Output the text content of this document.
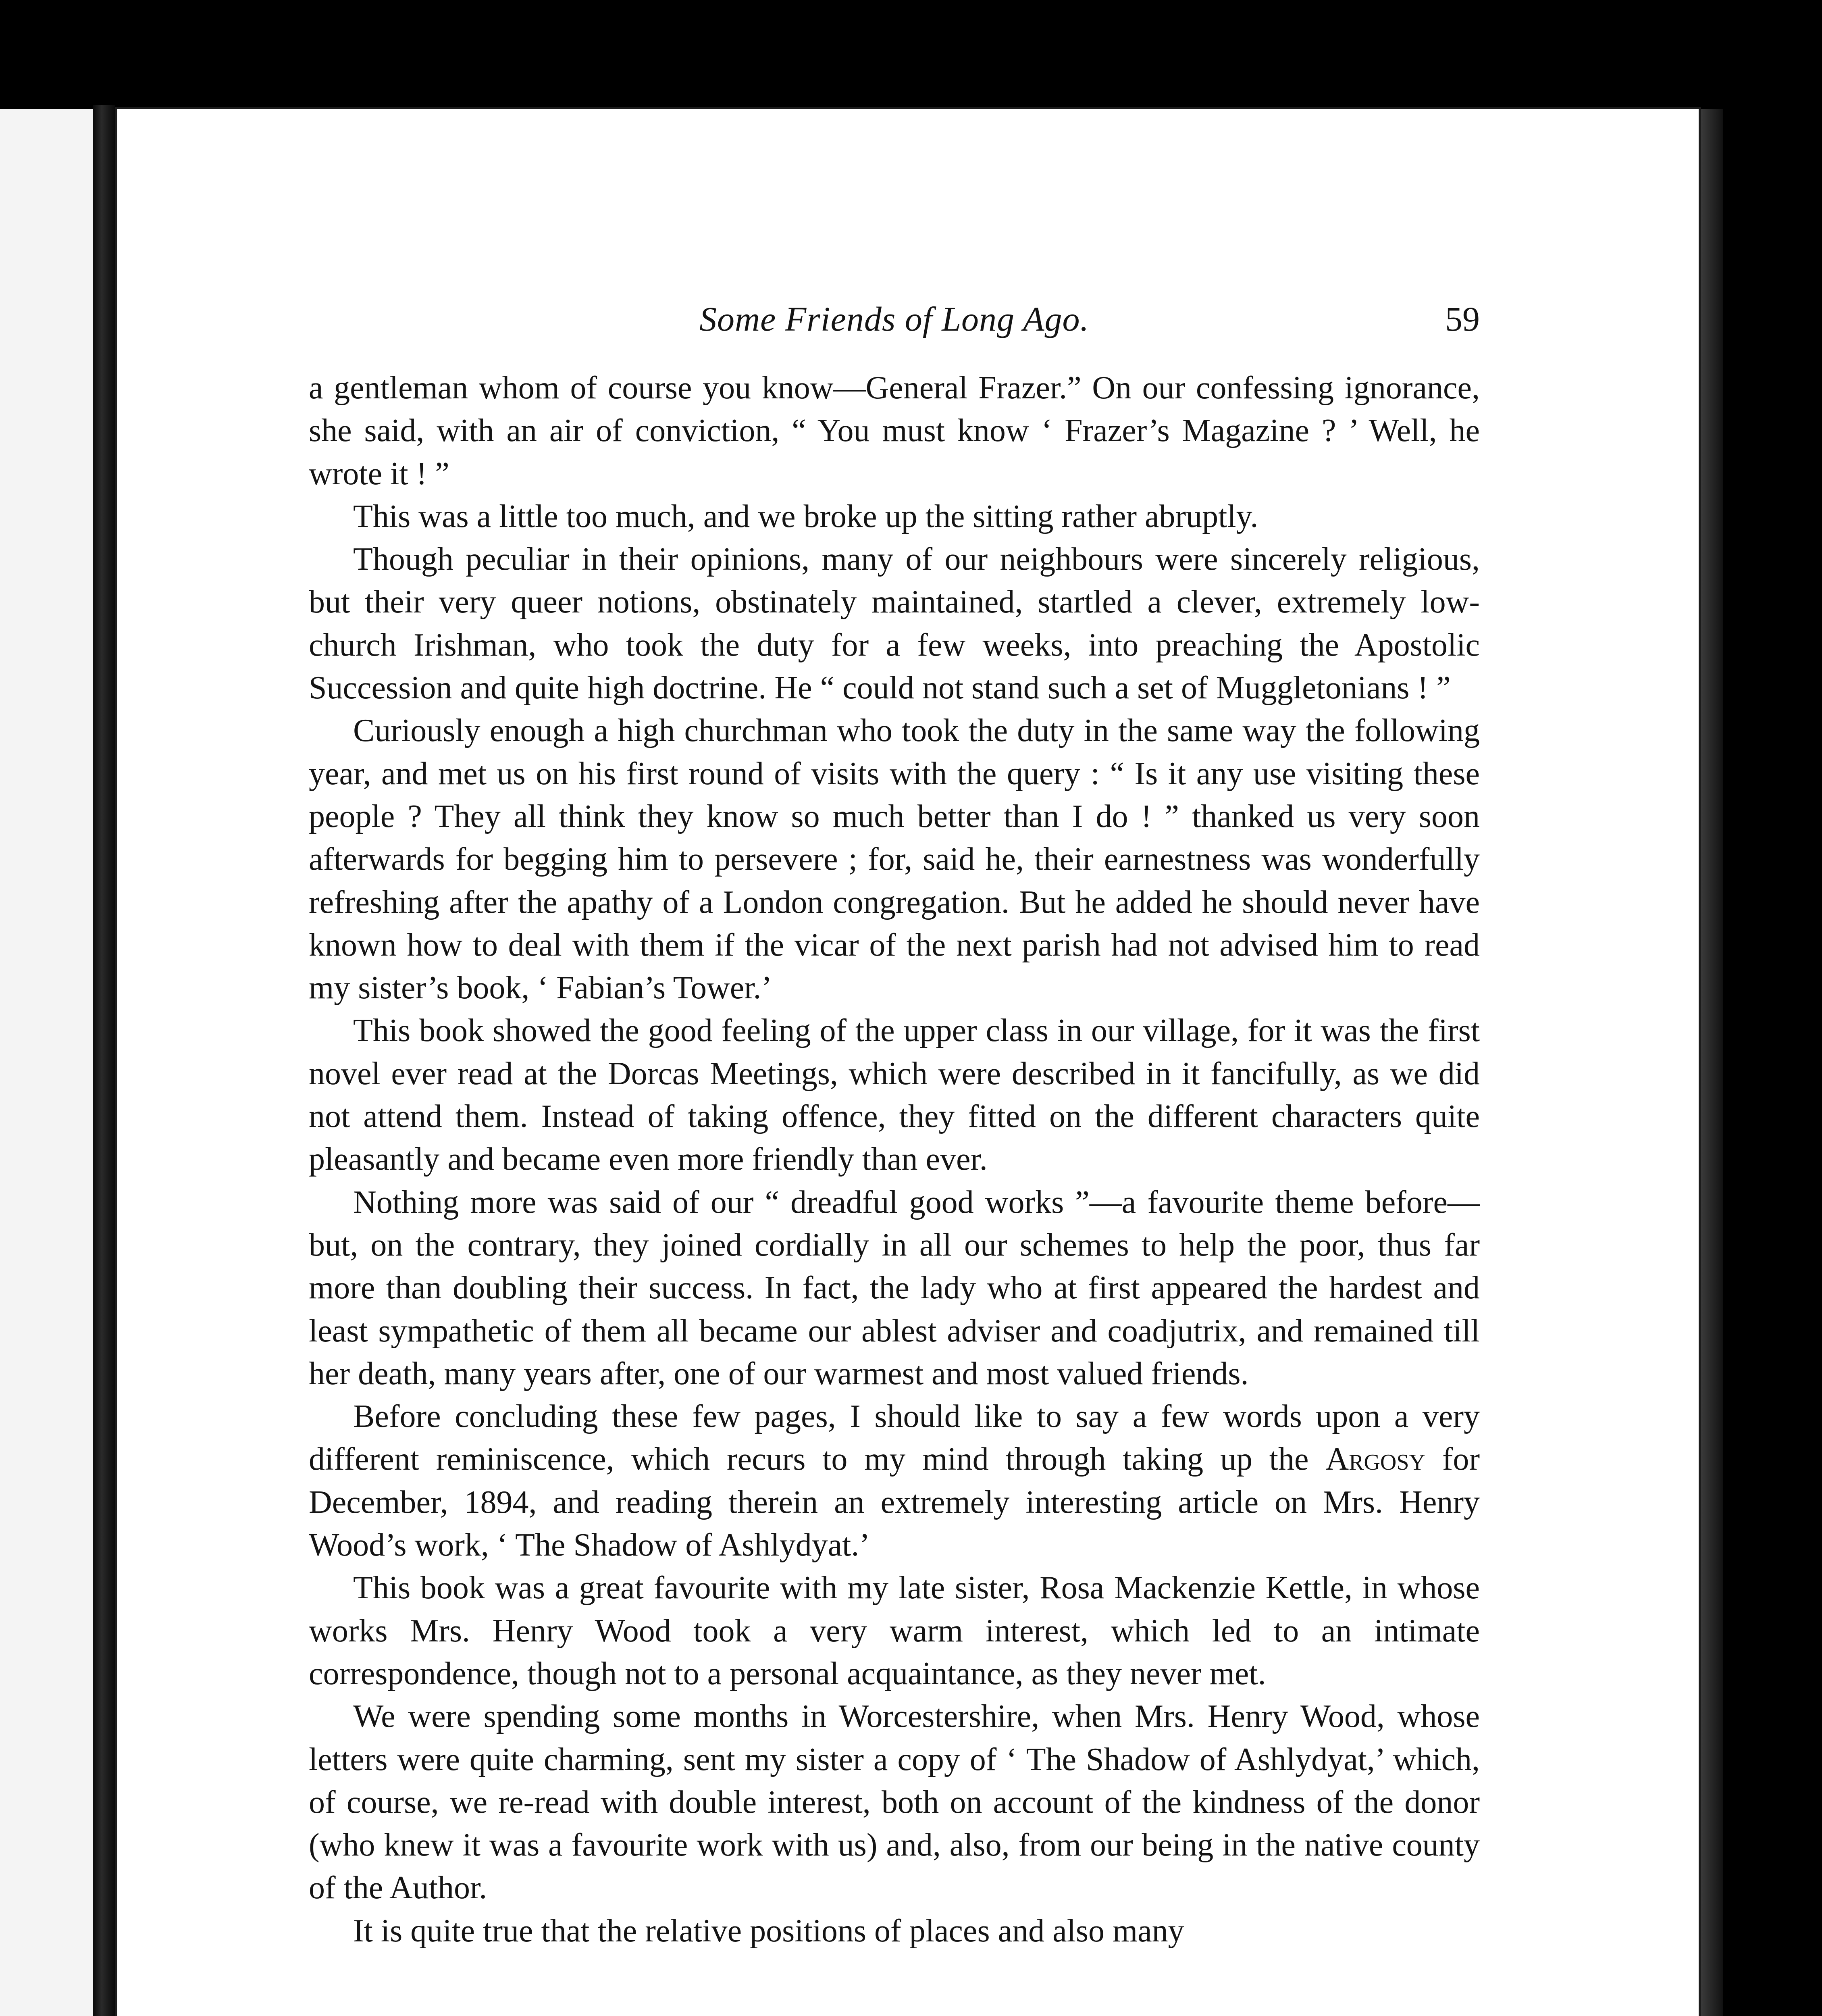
Some Friends of Long Ago.	59

a gentleman whom of course you know—General Frazer.” On our confessing ignorance, she said, with an air of conviction, “ You must know ‘ Frazer’s Magazine ? ’ Well, he wrote it ! ”

This was a little too much, and we broke up the sitting rather abruptly.

Though peculiar in their opinions, many of our neighbours were sincerely religious, but their very queer notions, obstinately maintained, startled a clever, extremely low-church Irishman, who took the duty for a few weeks, into preaching the Apostolic Succession and quite high doctrine. He “ could not stand such a set of Muggletonians ! ”

Curiously enough a high churchman who took the duty in the same way the following year, and met us on his first round of visits with the query : “ Is it any use visiting these people ? They all think they know so much better than I do ! ” thanked us very soon afterwards for begging him to persevere ; for, said he, their earnestness was wonderfully refreshing after the apathy of a London congregation. But he added he should never have known how to deal with them if the vicar of the next parish had not advised him to read my sister’s book, ‘ Fabian’s Tower.’

This book showed the good feeling of the upper class in our village, for it was the first novel ever read at the Dorcas Meetings, which were described in it fancifully, as we did not attend them. Instead of taking offence, they fitted on the different characters quite pleasantly and became even more friendly than ever.

Nothing more was said of our “ dreadful good works ”—a favourite theme before—but, on the contrary, they joined cordially in all our schemes to help the poor, thus far more than doubling their success. In fact, the lady who at first appeared the hardest and least sympathetic of them all became our ablest adviser and coadjutrix, and remained till her death, many years after, one of our warmest and most valued friends.

Before concluding these few pages, I should like to say a few words upon a very different reminiscence, which recurs to my mind through taking up the Argosy for December, 1894, and reading therein an extremely interesting article on Mrs. Henry Wood’s work, ‘ The Shadow of Ashlydyat.’

This book was a great favourite with my late sister, Rosa Mackenzie Kettle, in whose works Mrs. Henry Wood took a very warm interest, which led to an intimate correspondence, though not to a personal acquaintance, as they never met.

We were spending some months in Worcestershire, when Mrs. Henry Wood, whose letters were quite charming, sent my sister a copy of ‘ The Shadow of Ashlydyat,’ which, of course, we re-read with double interest, both on account of the kindness of the donor (who knew it was a favourite work with us) and, also, from our being in the native county of the Author.

It is quite true that the relative positions of places and also many
